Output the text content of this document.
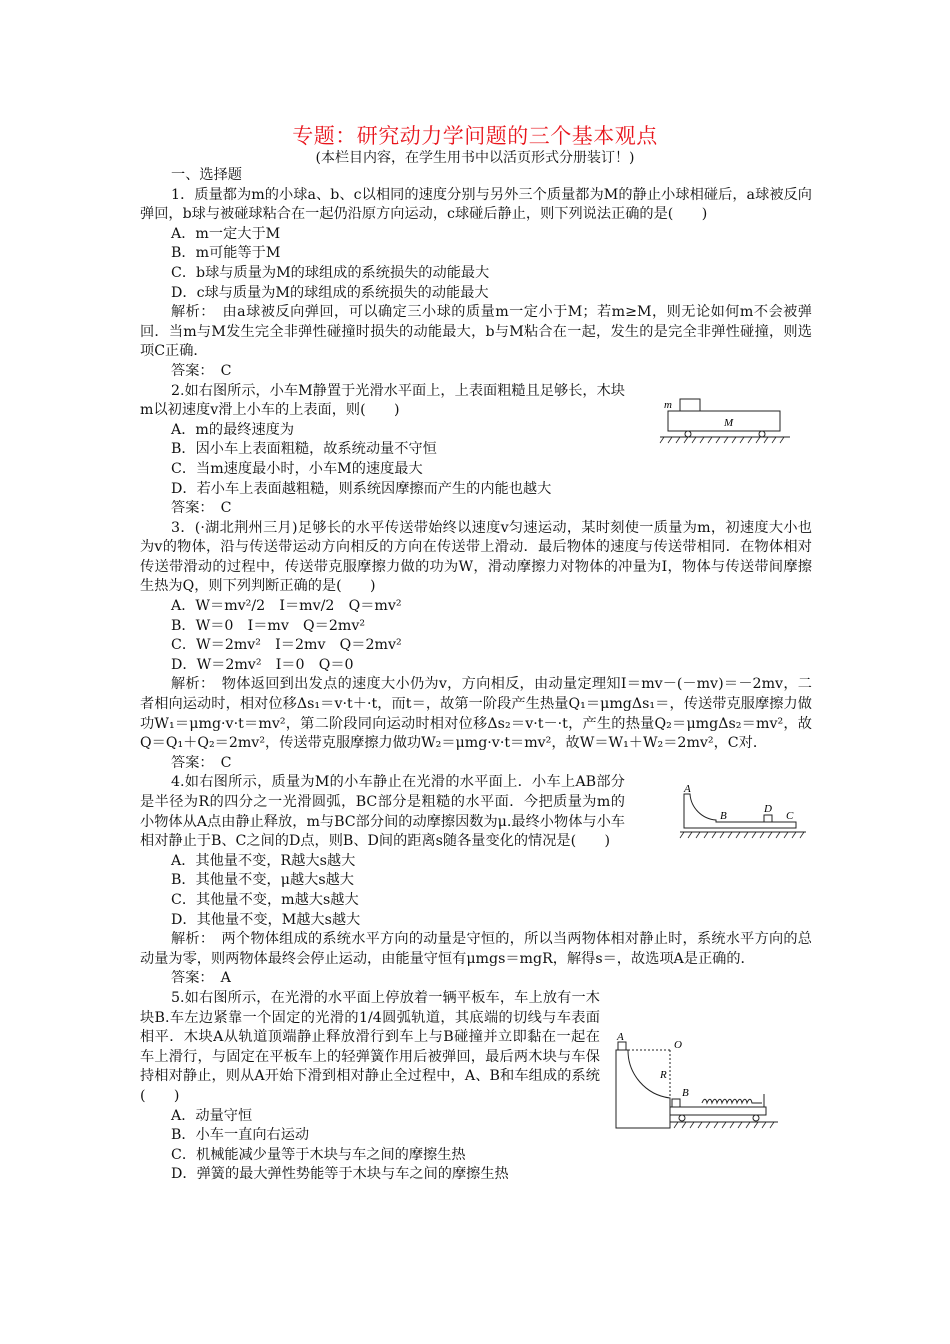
专题：研究动力学问题的三个基本观点
(本栏目内容，在学生用书中以活页形式分册装订！)

一、选择题

1．质量都为m的小球a、b、c以相同的速度分别与另外三个质量都为M的静止小球相碰后，a球被反向弹回，b球与被碰球粘合在一起仍沿原方向运动，c球碰后静止，则下列说法正确的是(　　)

A．m一定大于M

B．m可能等于M

C．b球与质量为M的球组成的系统损失的动能最大

D．c球与质量为M的球组成的系统损失的动能最大

解析：　由a球被反向弹回，可以确定三小球的质量m一定小于M；若m≥M，则无论如何m不会被弹回．当m与M发生完全非弹性碰撞时损失的动能最大，b与M粘合在一起，发生的是完全非弹性碰撞，则选项C正确．

答案：　C

2.如右图所示，小车M静置于光滑水平面上，上表面粗糙且足够长，木块m以初速度v滑上小车的上表面，则(　　)

A．m的最终速度为

B．因小车上表面粗糙，故系统动量不守恒

C．当m速度最小时，小车M的速度最大

D．若小车上表面越粗糙，则系统因摩擦而产生的内能也越大

答案：　C

3．(·湖北荆州三月)足够长的水平传送带始终以速度v匀速运动，某时刻使一质量为m，初速度大小也为v的物体，沿与传送带运动方向相反的方向在传送带上滑动．最后物体的速度与传送带相同．在物体相对传送带滑动的过程中，传送带克服摩擦力做的功为W，滑动摩擦力对物体的冲量为I，物体与传送带间摩擦生热为Q，则下列判断正确的是(　　)

A．W＝mv²/2　I＝mv/2　Q＝mv²

B．W＝0　I＝mv　Q＝2mv²

C．W＝2mv²　I＝2mv　Q＝2mv²

D．W＝2mv²　I＝0　Q＝0

解析：　物体返回到出发点的速度大小仍为v，方向相反，由动量定理知I＝mv－(－mv)＝－2mv，二者相向运动时，相对位移Δs₁＝v·t＋·t，而t＝，故第一阶段产生热量Q₁＝μmgΔs₁＝，传送带克服摩擦力做功W₁＝μmg·v·t＝mv²，第二阶段同向运动时相对位移Δs₂＝v·t－·t，产生的热量Q₂＝μmgΔs₂＝mv²，故Q＝Q₁＋Q₂＝2mv²，传送带克服摩擦力做功W₂＝μmg·v·t＝mv²，故W＝W₁＋W₂＝2mv²，C对．

答案：　C

4.如右图所示，质量为M的小车静止在光滑的水平面上．小车上AB部分是半径为R的四分之一光滑圆弧，BC部分是粗糙的水平面．今把质量为m的小物体从A点由静止释放，m与BC部分间的动摩擦因数为μ.最终小物体与小车相对静止于B、C之间的D点，则B、D间的距离s随各量变化的情况是(　　)

A．其他量不变，R越大s越大

B．其他量不变，μ越大s越大

C．其他量不变，m越大s越大

D．其他量不变，M越大s越大

解析：　两个物体组成的系统水平方向的动量是守恒的，所以当两物体相对静止时，系统水平方向的总动量为零，则两物体最终会停止运动，由能量守恒有μmgs＝mgR，解得s＝，故选项A是正确的．

答案：　A

5.如右图所示，在光滑的水平面上停放着一辆平板车，车上放有一木块B.车左边紧靠一个固定的光滑的1/4圆弧轨道，其底端的切线与车表面相平．木块A从轨道顶端静止释放滑行到车上与B碰撞并立即黏在一起在车上滑行，与固定在平板车上的轻弹簧作用后被弹回，最后两木块与车保持相对静止，则从A开始下滑到相对静止全过程中，A、B和车组成的系统(　　)

A．动量守恒

B．小车一直向右运动

C．机械能减少量等于木块与车之间的摩擦生热

D．弹簧的最大弹性势能等于木块与车之间的摩擦生热

m
M
A
B
D
C
A
O
R
B
